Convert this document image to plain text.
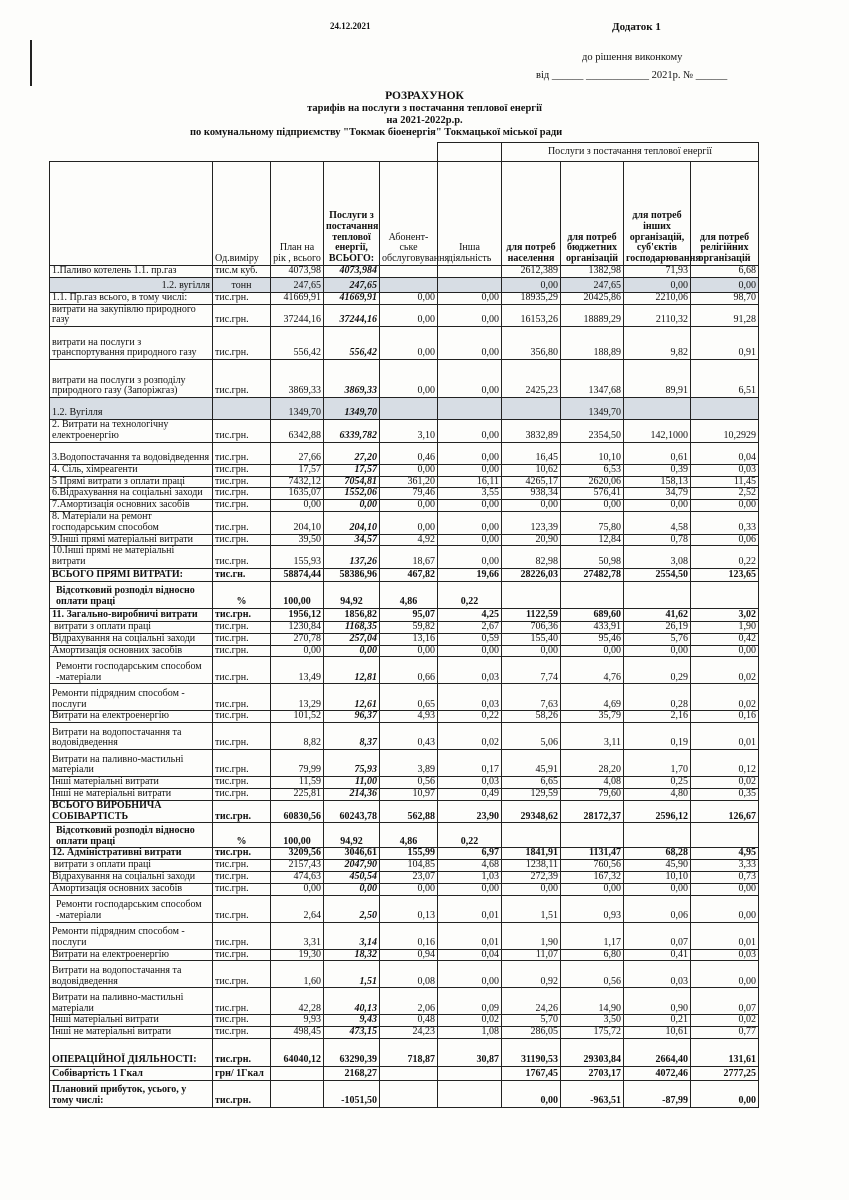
24.12.2021	Додаток 1
до рішення виконкому
від ______ ____________ 2021р. № ______
РОЗРАХУНОК
тарифів на послуги з постачання теплової енергії
на 2021-2022р.р.
по комунальному підприємству "Токмак біоенергія" Токмацької міської ради
						Послуги з постачання теплової енергії			
	Од.виміру	План на рік , всього	Послуги з постачання теплової енергії, ВСЬОГО:	Абонент-ське обслуговування	Інша діяльність	для потреб населення	для потреб бюджетних організацій	для потреб інших організацій, суб'єктів господарювання	для потреб релігійних організацій
1.Паливо котелень 1.1. пр.газ	тис.м куб.	4073,98	4073,984			2612,389	1382,98	71,93	6,68
1.2. вугілля	тонн	247,65	247,65			0,00	247,65	0,00	0,00
1.1. Пр.газ всього, в тому числі:	тис.грн.	41669,91	41669,91	0,00	0,00	18935,29	20425,86	2210,06	98,70
витрати на закупівлю природного газу	тис.грн.	37244,16	37244,16	0,00	0,00	16153,26	18889,29	2110,32	91,28
витрати на послуги з транспортування природного газу	тис.грн.	556,42	556,42	0,00	0,00	356,80	188,89	9,82	0,91
витрати на послуги з розподілу природного газу (Запоріжгаз)	тис.грн.	3869,33	3869,33	0,00	0,00	2425,23	1347,68	89,91	6,51
1.2. Вугілля		1349,70	1349,70				1349,70		
2. Витрати на технологічну електроенергію	тис.грн.	6342,88	6339,782	3,10	0,00	3832,89	2354,50	142,1000	10,2929
3.Водопостачання та водовідведення	тис.грн.	27,66	27,20	0,46	0,00	16,45	10,10	0,61	0,04
4. Сіль, хімреагенти	тис.грн.	17,57	17,57	0,00	0,00	10,62	6,53	0,39	0,03
5 Прямі витрати з оплати праці	тис.грн.	7432,12	7054,81	361,20	16,11	4265,17	2620,06	158,13	11,45
6.Відрахування на соціальні заходи	тис.грн.	1635,07	1552,06	79,46	3,55	938,34	576,41	34,79	2,52
7.Амортизація основних засобів	тис.грн.	0,00	0,00	0,00	0,00	0,00	0,00	0,00	0,00
8. Матеріали на ремонт господарським способом	тис.грн.	204,10	204,10	0,00	0,00	123,39	75,80	4,58	0,33
9.Інші прямі матеріальні витрати	тис.грн.	39,50	34,57	4,92	0,00	20,90	12,84	0,78	0,06
10.Інші прямі не матеріальні витрати	тис.грн.	155,93	137,26	18,67	0,00	82,98	50,98	3,08	0,22
ВСЬОГО ПРЯМІ ВИТРАТИ:	тис.гн.	58874,44	58386,96	467,82	19,66	28226,03	27482,78	2554,50	123,65
Відсотковий розподіл відносно оплати праці	%	100,00	94,92	4,86	0,22				
11. Загально-виробничі витрати	тис.грн.	1956,12	1856,82	95,07	4,25	1122,59	689,60	41,62	3,02
витрати з оплати праці	тис.грн.	1230,84	1168,35	59,82	2,67	706,36	433,91	26,19	1,90
Відрахування на соціальні заходи	тис.грн.	270,78	257,04	13,16	0,59	155,40	95,46	5,76	0,42
Амортизація основних засобів	тис.грн.	0,00	0,00	0,00	0,00	0,00	0,00	0,00	0,00
Ремонти господарським способом -матеріали	тис.грн.	13,49	12,81	0,66	0,03	7,74	4,76	0,29	0,02
Ремонти підрядним способом - послуги	тис.грн.	13,29	12,61	0,65	0,03	7,63	4,69	0,28	0,02
Витрати на електроенергію	тис.грн.	101,52	96,37	4,93	0,22	58,26	35,79	2,16	0,16
Витрати на водопостачання та водовідведення	тис.грн.	8,82	8,37	0,43	0,02	5,06	3,11	0,19	0,01
Витрати на паливно-мастильні матеріали	тис.грн.	79,99	75,93	3,89	0,17	45,91	28,20	1,70	0,12
Інші матеріальні витрати	тис.грн.	11,59	11,00	0,56	0,03	6,65	4,08	0,25	0,02
Інші не матеріальні витрати	тис.грн.	225,81	214,36	10,97	0,49	129,59	79,60	4,80	0,35
ВСЬОГО ВИРОБНИЧА СОБІВАРТІСТЬ	тис.грн.	60830,56	60243,78	562,88	23,90	29348,62	28172,37	2596,12	126,67
Відсотковий розподіл відносно оплати праці	%	100,00	94,92	4,86	0,22				
12. Адміністративні витрати	тис.грн.	3209,56	3046,61	155,99	6,97	1841,91	1131,47	68,28	4,95
витрати з оплати праці	тис.грн.	2157,43	2047,90	104,85	4,68	1238,11	760,56	45,90	3,33
Відрахування на соціальні заходи	тис.грн.	474,63	450,54	23,07	1,03	272,39	167,32	10,10	0,73
Амортизація основних засобів	тис.грн.	0,00	0,00	0,00	0,00	0,00	0,00	0,00	0,00
Ремонти господарським способом -матеріали	тис.грн.	2,64	2,50	0,13	0,01	1,51	0,93	0,06	0,00
Ремонти підрядним способом - послуги	тис.грн.	3,31	3,14	0,16	0,01	1,90	1,17	0,07	0,01
Витрати на електроенергію	тис.грн.	19,30	18,32	0,94	0,04	11,07	6,80	0,41	0,03
Витрати на водопостачання та водовідведення	тис.грн.	1,60	1,51	0,08	0,00	0,92	0,56	0,03	0,00
Витрати на паливно-мастильні матеріали	тис.грн.	42,28	40,13	2,06	0,09	24,26	14,90	0,90	0,07
Інші матеріальні витрати	тис.грн.	9,93	9,43	0,48	0,02	5,70	3,50	0,21	0,02
Інші не матеріальні витрати	тис.грн.	498,45	473,15	24,23	1,08	286,05	175,72	10,61	0,77
ОПЕРАЦІЙНОЇ ДІЯЛЬНОСТІ:	тис.грн.	64040,12	63290,39	718,87	30,87	31190,53	29303,84	2664,40	131,61
Собівартість 1 Гкал	грн/ 1Гкал		2168,27			1767,45	2703,17	4072,46	2777,25
Плановий прибуток, усього, у тому числі:	тис.грн.		-1051,50			0,00	-963,51	-87,99	0,00
